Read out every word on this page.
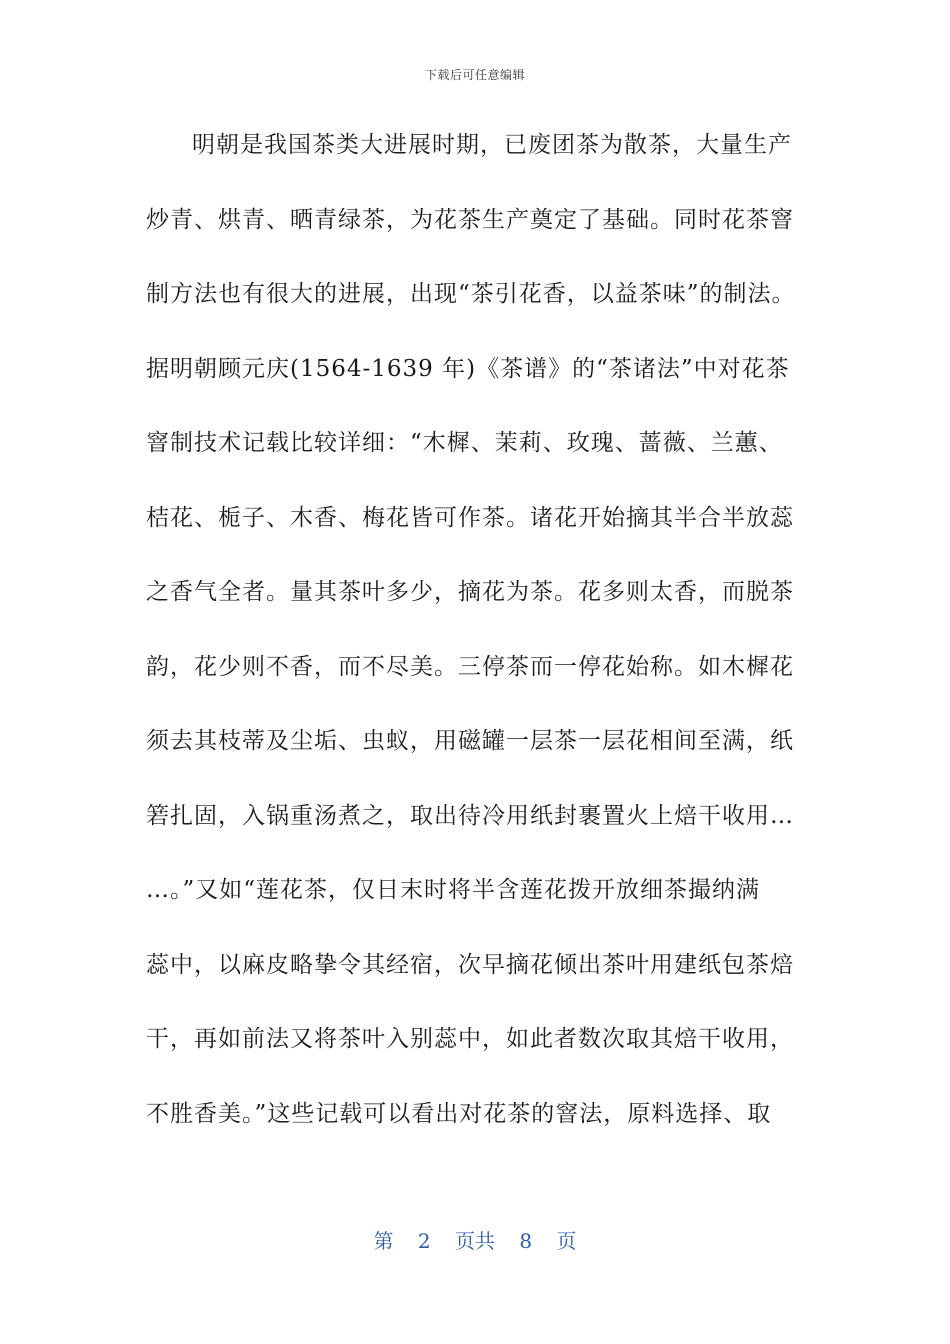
下载后可任意编辑
明朝是我国茶类大进展时期，已废团茶为散茶，大量生产
炒青、烘青、晒青绿茶，为花茶生产奠定了基础。同时花茶窨
制方法也有很大的进展，出现“茶引花香，以益茶味”的制法。
据明朝顾元庆(1564-1639 年)《茶谱》的“茶诸法”中对花茶
窨制技术记载比较详细：“木樨、茉莉、玫瑰、蔷薇、兰蕙、
桔花、栀子、木香、梅花皆可作茶。诸花开始摘其半合半放蕊
之香气全者。量其茶叶多少，摘花为茶。花多则太香，而脱茶
韵，花少则不香，而不尽美。三停茶而一停花始称。如木樨花
须去其枝蒂及尘垢、虫蚁，用磁罐一层茶一层花相间至满，纸
箬扎固，入锅重汤煮之，取出待冷用纸封裹置火上焙干收用…
…。”又如“莲花茶，仅日末时将半含莲花拨开放细茶撮纳满
蕊中，以麻皮略挚令其经宿，次早摘花倾出茶叶用建纸包茶焙
干，再如前法又将茶叶入别蕊中，如此者数次取其焙干收用，
不胜香美。”这些记载可以看出对花茶的窨法，原料选择、取
第 2 页共 8 页
